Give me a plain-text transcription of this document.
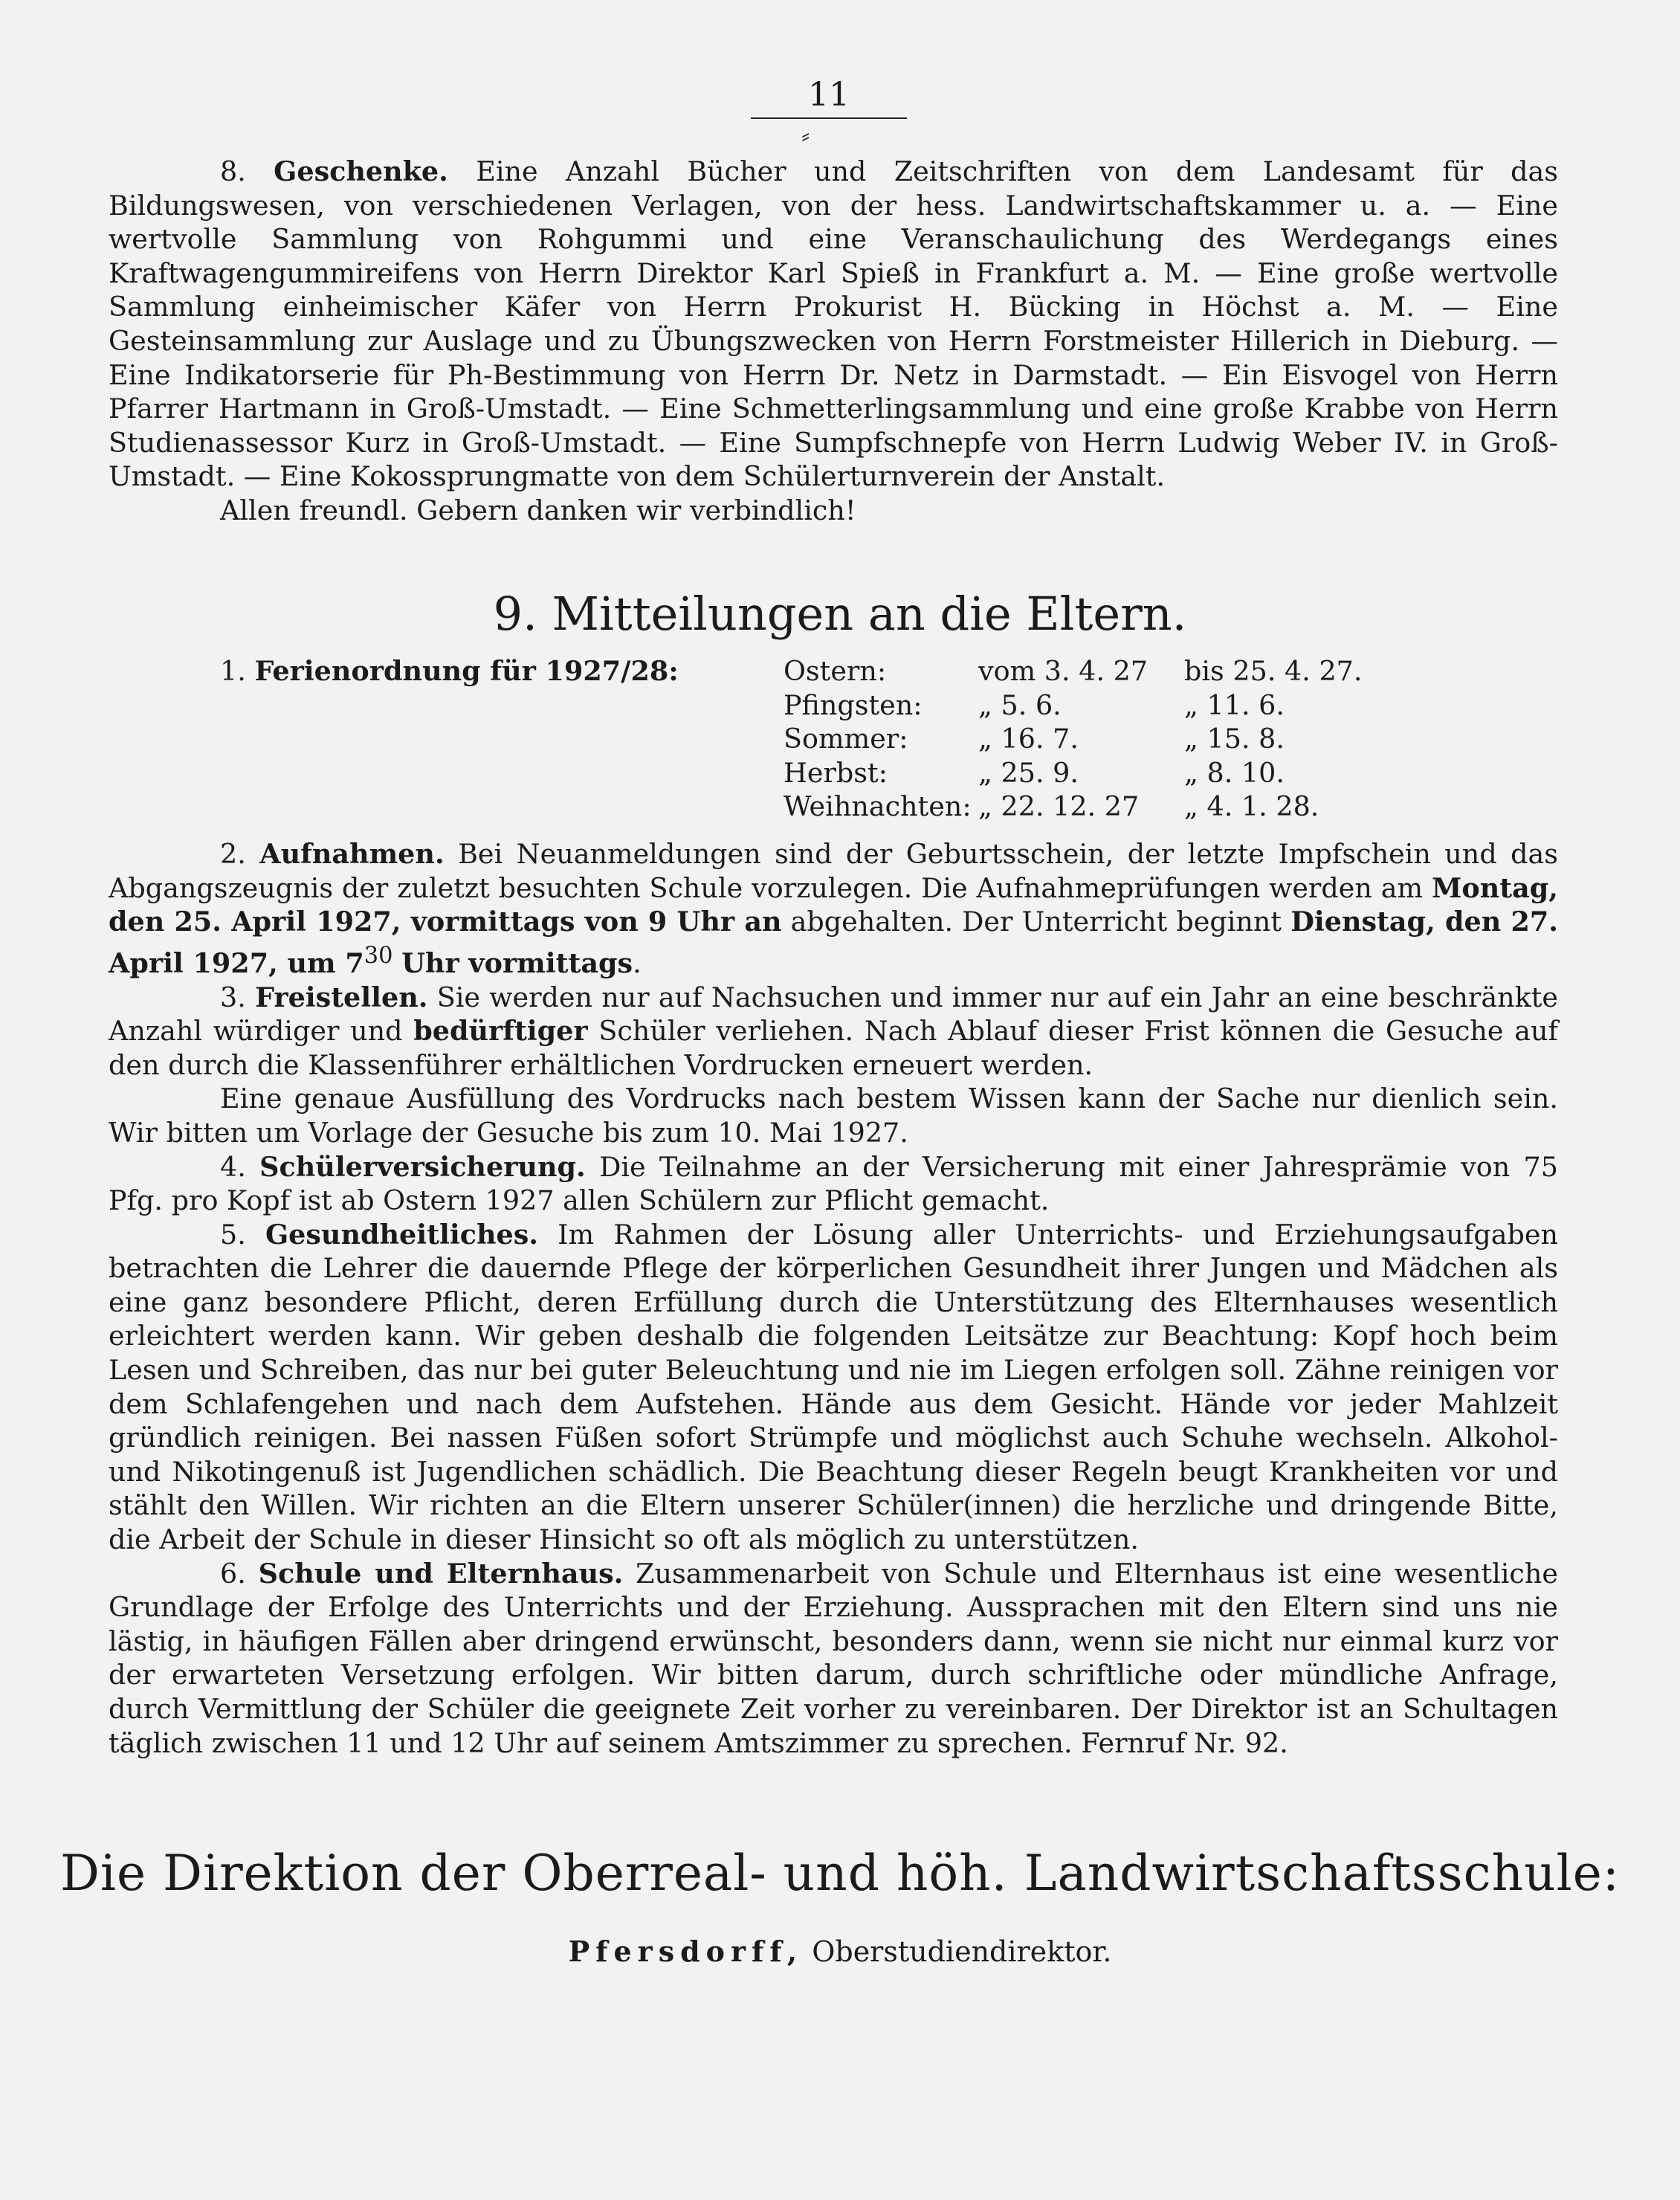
11
⸗

8. Geschenke. Eine Anzahl Bücher und Zeitschriften von dem Landesamt für das Bildungswesen, von verschiedenen Verlagen, von der hess. Landwirtschaftskammer u. a. — Eine wertvolle Sammlung von Rohgummi und eine Veranschaulichung des Werdegangs eines Kraftwagengummireifens von Herrn Direktor Karl Spieß in Frankfurt a. M. — Eine große wertvolle Sammlung einheimischer Käfer von Herrn Prokurist H. Bücking in Höchst a. M. — Eine Gesteinsammlung zur Auslage und zu Übungszwecken von Herrn Forstmeister Hillerich in Dieburg. — Eine Indikatorserie für Ph-Bestimmung von Herrn Dr. Netz in Darmstadt. — Ein Eisvogel von Herrn Pfarrer Hartmann in Groß-Umstadt. — Eine Schmetterlingsammlung und eine große Krabbe von Herrn Studienassessor Kurz in Groß-Umstadt. — Eine Sumpfschnepfe von Herrn Ludwig Weber IV. in Groß-Umstadt. — Eine Kokossprungmatte von dem Schülerturnverein der Anstalt.

Allen freundl. Gebern danken wir verbindlich!

9. Mitteilungen an die Eltern.
1. Ferienordnung für 1927/28:	Ostern:	vom 3. 4. 27	bis 25. 4. 27.
Pfingsten:	„ 5. 6.	„ 11. 6.
Sommer:	„ 16. 7.	„ 15. 8.
Herbst:	„ 25. 9.	„ 8. 10.
Weihnachten:	„ 22. 12. 27	„ 4. 1. 28.

2. Aufnahmen. Bei Neuanmeldungen sind der Geburtsschein, der letzte Impfschein und das Abgangszeugnis der zuletzt besuchten Schule vorzulegen. Die Aufnahmeprüfungen werden am Montag, den 25. April 1927, vormittags von 9 Uhr an abgehalten. Der Unterricht beginnt Dienstag, den 27. April 1927, um $7^{30}$ Uhr vormittags.

3. Freistellen. Sie werden nur auf Nachsuchen und immer nur auf ein Jahr an eine beschränkte Anzahl würdiger und bedürftiger Schüler verliehen. Nach Ablauf dieser Frist können die Gesuche auf den durch die Klassenführer erhältlichen Vordrucken erneuert werden.

Eine genaue Ausfüllung des Vordrucks nach bestem Wissen kann der Sache nur dienlich sein. Wir bitten um Vorlage der Gesuche bis zum 10. Mai 1927.

4. Schülerversicherung. Die Teilnahme an der Versicherung mit einer Jahresprämie von 75 Pfg. pro Kopf ist ab Ostern 1927 allen Schülern zur Pflicht gemacht.

5. Gesundheitliches. Im Rahmen der Lösung aller Unterrichts- und Erziehungsaufgaben betrachten die Lehrer die dauernde Pflege der körperlichen Gesundheit ihrer Jungen und Mädchen als eine ganz besondere Pflicht, deren Erfüllung durch die Unterstützung des Elternhauses wesentlich erleichtert werden kann. Wir geben deshalb die folgenden Leitsätze zur Beachtung: Kopf hoch beim Lesen und Schreiben, das nur bei guter Beleuchtung und nie im Liegen erfolgen soll. Zähne reinigen vor dem Schlafengehen und nach dem Aufstehen. Hände aus dem Gesicht. Hände vor jeder Mahlzeit gründlich reinigen. Bei nassen Füßen sofort Strümpfe und möglichst auch Schuhe wechseln. Alkohol- und Nikotingenuß ist Jugendlichen schädlich. Die Beachtung dieser Regeln beugt Krankheiten vor und stählt den Willen. Wir richten an die Eltern unserer Schüler(innen) die herzliche und dringende Bitte, die Arbeit der Schule in dieser Hinsicht so oft als möglich zu unterstützen.

6. Schule und Elternhaus. Zusammenarbeit von Schule und Elternhaus ist eine wesentliche Grundlage der Erfolge des Unterrichts und der Erziehung. Aussprachen mit den Eltern sind uns nie lästig, in häufigen Fällen aber dringend erwünscht, besonders dann, wenn sie nicht nur einmal kurz vor der erwarteten Versetzung erfolgen. Wir bitten darum, durch schriftliche oder mündliche Anfrage, durch Vermittlung der Schüler die geeignete Zeit vorher zu vereinbaren. Der Direktor ist an Schultagen täglich zwischen 11 und 12 Uhr auf seinem Amtszimmer zu sprechen. Fernruf Nr. 92.

Die Direktion der Oberreal- und höh. Landwirtschaftsschule:
Pfersdorff, Oberstudiendirektor.
